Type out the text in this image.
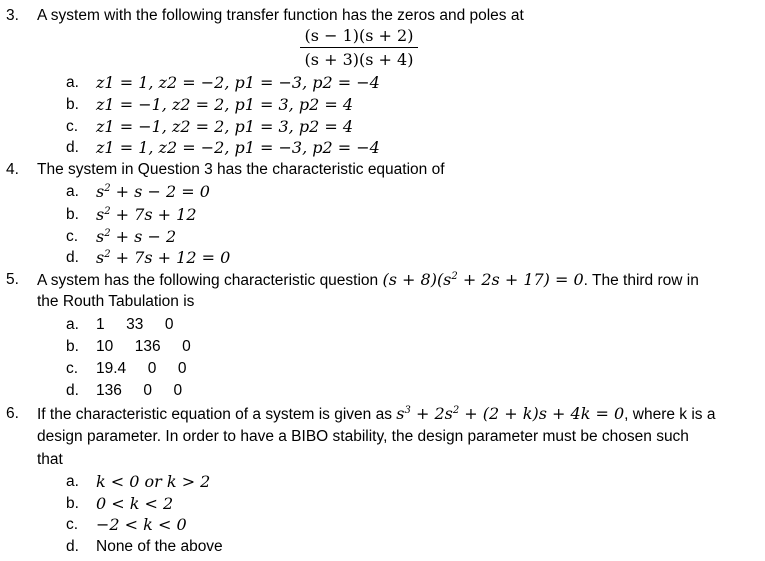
3. A system with the following transfer function has the zeros and poles at
(s − 1)(s + 2)
(s + 3)(s + 4)
a. z1 = 1, z2 = −2, p1 = −3, p2 = −4
b. z1 = −1, z2 = 2, p1 = 3, p2 = 4
c. z1 = −1, z2 = 2, p1 = 3, p2 = 4
d. z1 = 1, z2 = −2, p1 = −3, p2 = −4
4. The system in Question 3 has the characteristic equation of
a. $s^2 + s - 2 = 0$
b. $s^2 + 7s + 12$
c. $s^2 + s - 2$
d. $s^2 + 7s + 12 = 0$
5. A system has the following characteristic question $(s + 8)(s^2 + 2s + 17) = 0$. The third row in
the Routh Tabulation is
a. 1     33     0
b. 10     136     0
c. 19.4     0     0
d. 136     0     0
6. If the characteristic equation of a system is given as $s^3 + 2s^2 + (2 + k)s + 4k = 0$, where k is a
design parameter. In order to have a BIBO stability, the design parameter must be chosen such
that
a. k < 0 or k > 2
b. 0 < k < 2
c. −2 < k < 0
d. None of the above
